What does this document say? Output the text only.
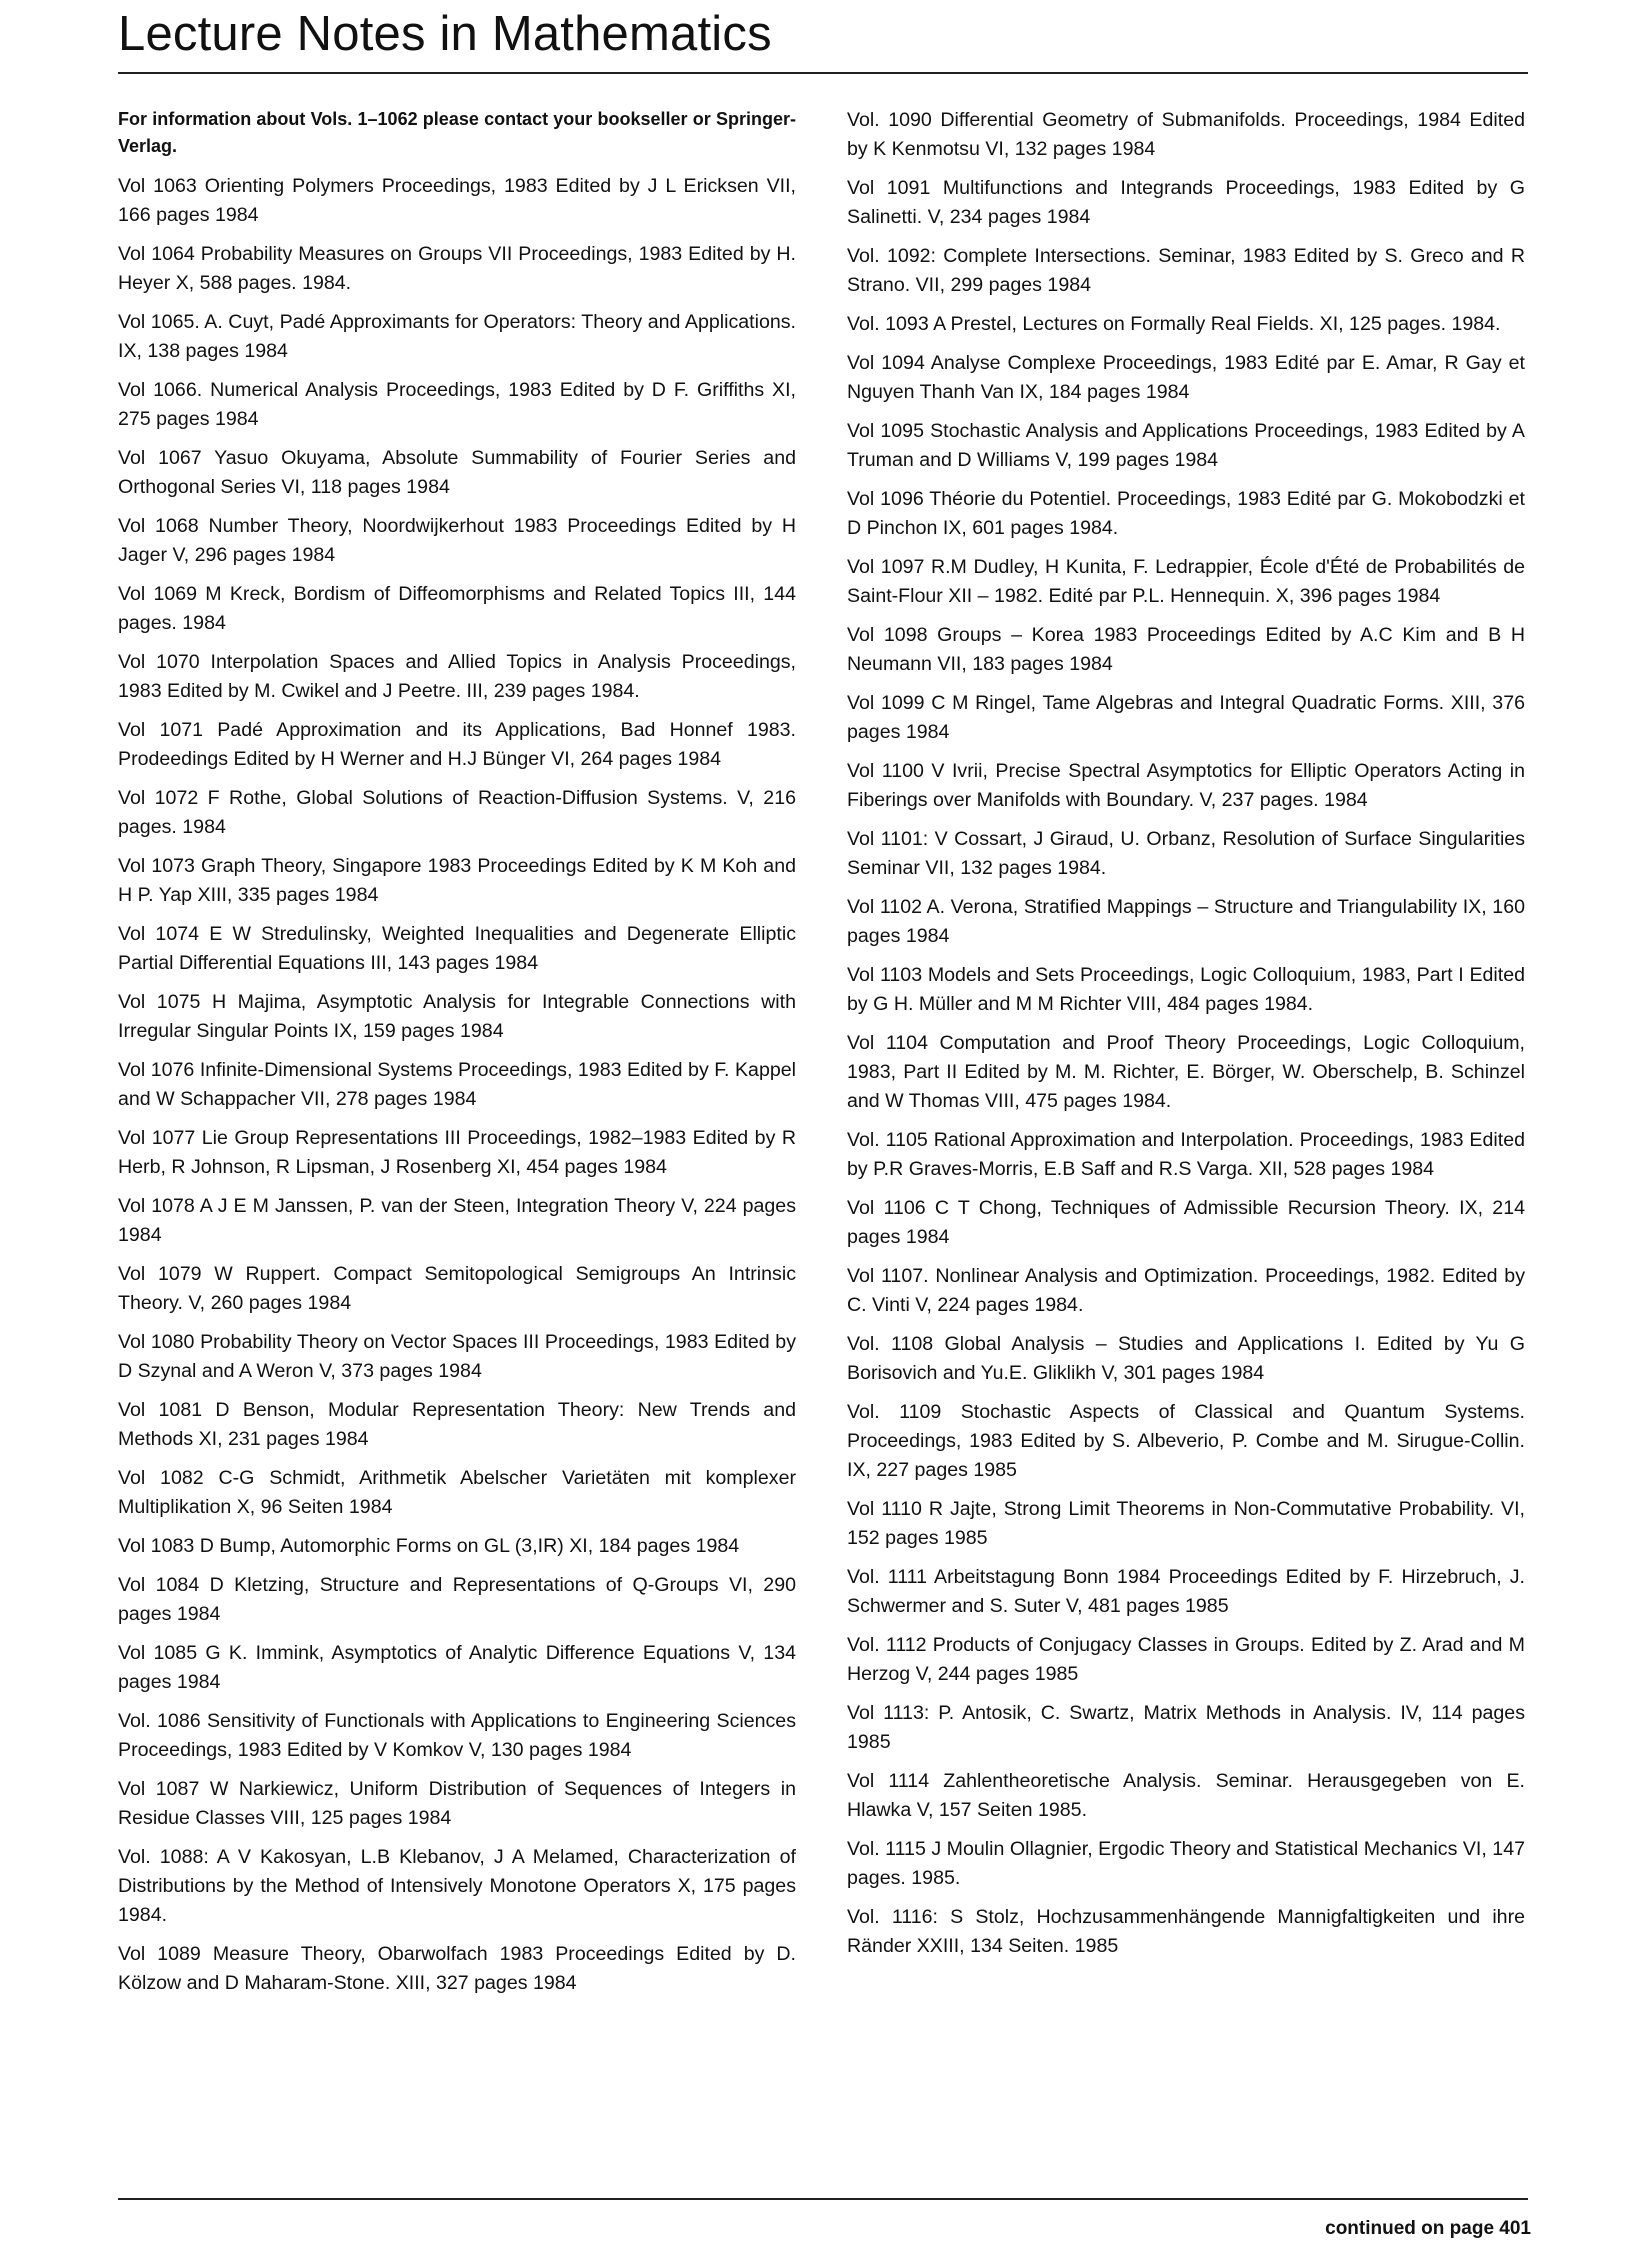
Lecture Notes in Mathematics

For information about Vols. 1–1062 please contact your bookseller or Springer-Verlag.

Vol 1063 Orienting Polymers Proceedings, 1983 Edited by J L Ericksen VII, 166 pages 1984

Vol 1064 Probability Measures on Groups VII Proceedings, 1983 Edited by H. Heyer X, 588 pages. 1984.

Vol 1065. A. Cuyt, Padé Approximants for Operators: Theory and Applications. IX, 138 pages 1984

Vol 1066. Numerical Analysis Proceedings, 1983 Edited by D F. Griffiths XI, 275 pages 1984

Vol 1067 Yasuo Okuyama, Absolute Summability of Fourier Series and Orthogonal Series VI, 118 pages 1984

Vol 1068 Number Theory, Noordwijkerhout 1983 Proceedings Edited by H Jager V, 296 pages 1984

Vol 1069 M Kreck, Bordism of Diffeomorphisms and Related Topics III, 144 pages. 1984

Vol 1070 Interpolation Spaces and Allied Topics in Analysis Proceedings, 1983 Edited by M. Cwikel and J Peetre. III, 239 pages 1984.

Vol 1071 Padé Approximation and its Applications, Bad Honnef 1983. Prodeedings Edited by H Werner and H.J Bünger VI, 264 pages 1984

Vol 1072 F Rothe, Global Solutions of Reaction-Diffusion Systems. V, 216 pages. 1984

Vol 1073 Graph Theory, Singapore 1983 Proceedings Edited by K M Koh and H P. Yap XIII, 335 pages 1984

Vol 1074 E W Stredulinsky, Weighted Inequalities and Degenerate Elliptic Partial Differential Equations III, 143 pages 1984

Vol 1075 H Majima, Asymptotic Analysis for Integrable Connections with Irregular Singular Points IX, 159 pages 1984

Vol 1076 Infinite-Dimensional Systems Proceedings, 1983 Edited by F. Kappel and W Schappacher VII, 278 pages 1984

Vol 1077 Lie Group Representations III Proceedings, 1982–1983 Edited by R Herb, R Johnson, R Lipsman, J Rosenberg XI, 454 pages 1984

Vol 1078 A J E M Janssen, P. van der Steen, Integration Theory V, 224 pages 1984

Vol 1079 W Ruppert. Compact Semitopological Semigroups An Intrinsic Theory. V, 260 pages 1984

Vol 1080 Probability Theory on Vector Spaces III Proceedings, 1983 Edited by D Szynal and A Weron V, 373 pages 1984

Vol 1081 D Benson, Modular Representation Theory: New Trends and Methods XI, 231 pages 1984

Vol 1082 C-G Schmidt, Arithmetik Abelscher Varietäten mit komplexer Multiplikation X, 96 Seiten 1984

Vol 1083 D Bump, Automorphic Forms on GL (3,IR) XI, 184 pages 1984

Vol 1084 D Kletzing, Structure and Representations of Q-Groups VI, 290 pages 1984

Vol 1085 G K. Immink, Asymptotics of Analytic Difference Equations V, 134 pages 1984

Vol. 1086 Sensitivity of Functionals with Applications to Engineering Sciences Proceedings, 1983 Edited by V Komkov V, 130 pages 1984

Vol 1087 W Narkiewicz, Uniform Distribution of Sequences of Integers in Residue Classes VIII, 125 pages 1984

Vol. 1088: A V Kakosyan, L.B Klebanov, J A Melamed, Characterization of Distributions by the Method of Intensively Monotone Operators X, 175 pages 1984.

Vol 1089 Measure Theory, Obarwolfach 1983 Proceedings Edited by D. Kölzow and D Maharam-Stone. XIII, 327 pages 1984

Vol. 1090 Differential Geometry of Submanifolds. Proceedings, 1984 Edited by K Kenmotsu VI, 132 pages 1984

Vol 1091 Multifunctions and Integrands Proceedings, 1983 Edited by G Salinetti. V, 234 pages 1984

Vol. 1092: Complete Intersections. Seminar, 1983 Edited by S. Greco and R Strano. VII, 299 pages 1984

Vol. 1093 A Prestel, Lectures on Formally Real Fields. XI, 125 pages. 1984.

Vol 1094 Analyse Complexe Proceedings, 1983 Edité par E. Amar, R Gay et Nguyen Thanh Van IX, 184 pages 1984

Vol 1095 Stochastic Analysis and Applications Proceedings, 1983 Edited by A Truman and D Williams V, 199 pages 1984

Vol 1096 Théorie du Potentiel. Proceedings, 1983 Edité par G. Mokobodzki et D Pinchon IX, 601 pages 1984.

Vol 1097 R.M Dudley, H Kunita, F. Ledrappier, École d'Été de Probabilités de Saint-Flour XII – 1982. Edité par P.L. Hennequin. X, 396 pages 1984

Vol 1098 Groups – Korea 1983 Proceedings Edited by A.C Kim and B H Neumann VII, 183 pages 1984

Vol 1099 C M Ringel, Tame Algebras and Integral Quadratic Forms. XIII, 376 pages 1984

Vol 1100 V Ivrii, Precise Spectral Asymptotics for Elliptic Operators Acting in Fiberings over Manifolds with Boundary. V, 237 pages. 1984

Vol 1101: V Cossart, J Giraud, U. Orbanz, Resolution of Surface Singularities Seminar VII, 132 pages 1984.

Vol 1102 A. Verona, Stratified Mappings – Structure and Triangulability IX, 160 pages 1984

Vol 1103 Models and Sets Proceedings, Logic Colloquium, 1983, Part I Edited by G H. Müller and M M Richter VIII, 484 pages 1984.

Vol 1104 Computation and Proof Theory Proceedings, Logic Colloquium, 1983, Part II Edited by M. M. Richter, E. Börger, W. Oberschelp, B. Schinzel and W Thomas VIII, 475 pages 1984.

Vol. 1105 Rational Approximation and Interpolation. Proceedings, 1983 Edited by P.R Graves-Morris, E.B Saff and R.S Varga. XII, 528 pages 1984

Vol 1106 C T Chong, Techniques of Admissible Recursion Theory. IX, 214 pages 1984

Vol 1107. Nonlinear Analysis and Optimization. Proceedings, 1982. Edited by C. Vinti V, 224 pages 1984.

Vol. 1108 Global Analysis – Studies and Applications I. Edited by Yu G Borisovich and Yu.E. Gliklikh V, 301 pages 1984

Vol. 1109 Stochastic Aspects of Classical and Quantum Systems. Proceedings, 1983 Edited by S. Albeverio, P. Combe and M. Sirugue-Collin. IX, 227 pages 1985

Vol 1110 R Jajte, Strong Limit Theorems in Non-Commutative Probability. VI, 152 pages 1985

Vol. 1111 Arbeitstagung Bonn 1984 Proceedings Edited by F. Hirzebruch, J. Schwermer and S. Suter V, 481 pages 1985

Vol. 1112 Products of Conjugacy Classes in Groups. Edited by Z. Arad and M Herzog V, 244 pages 1985

Vol 1113: P. Antosik, C. Swartz, Matrix Methods in Analysis. IV, 114 pages 1985

Vol 1114 Zahlentheoretische Analysis. Seminar. Herausgegeben von E. Hlawka V, 157 Seiten 1985.

Vol. 1115 J Moulin Ollagnier, Ergodic Theory and Statistical Mechanics VI, 147 pages. 1985.

Vol. 1116: S Stolz, Hochzusammenhängende Mannigfaltigkeiten und ihre Ränder XXIII, 134 Seiten. 1985

continued on page 401
